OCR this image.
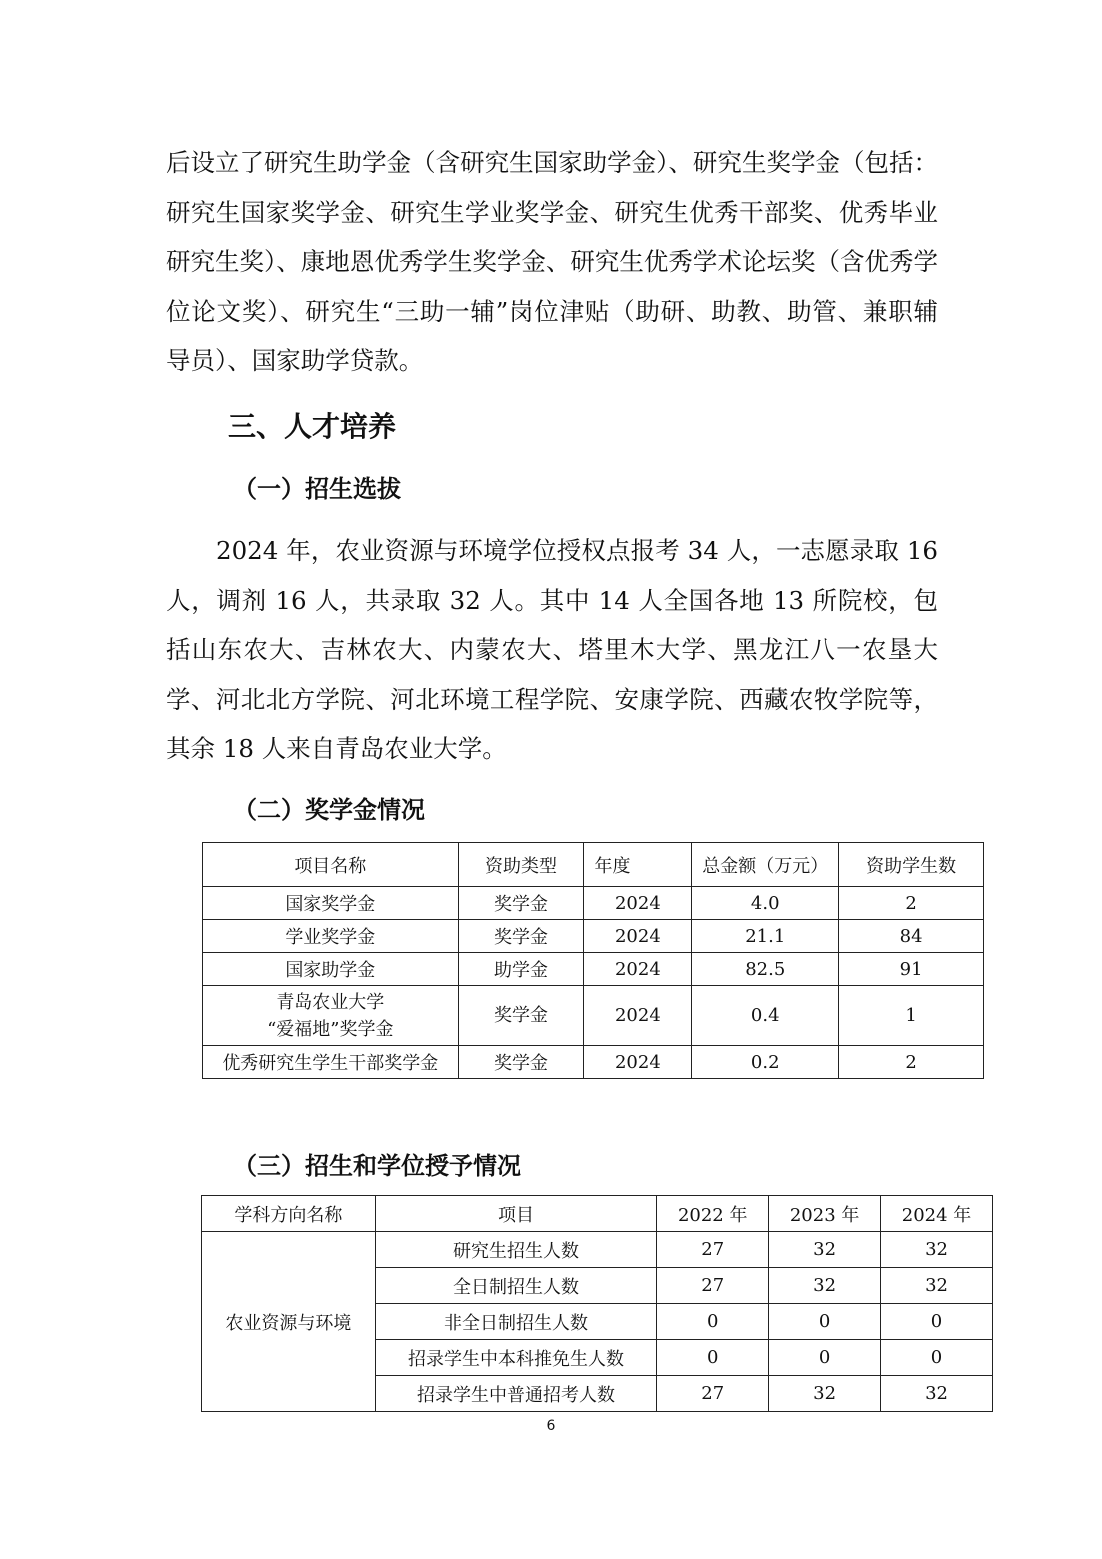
后设立了研究生助学金（含研究生国家助学金）、研究生奖学金（包括：研究生国家奖学金、研究生学业奖学金、研究生优秀干部奖、优秀毕业研究生奖）、康地恩优秀学生奖学金、研究生优秀学术论坛奖（含优秀学位论文奖）、研究生“三助一辅”岗位津贴（助研、助教、助管、兼职辅导员）、国家助学贷款。

三、人才培养
（一）招生选拔

2024 年，农业资源与环境学位授权点报考 34 人，一志愿录取 16 人，调剂 16 人，共录取 32 人。其中 14 人全国各地 13 所院校，包括山东农大、吉林农大、内蒙农大、塔里木大学、黑龙江八一农垦大学、河北北方学院、河北环境工程学院、安康学院、西藏农牧学院等，其余 18 人来自青岛农业大学。

（二）奖学金情况
项目名称	资助类型	年度	总金额（万元）	资助学生数
国家奖学金	奖学金	2024	4.0	2
学业奖学金	奖学金	2024	21.1	84
国家助学金	助学金	2024	82.5	91

青岛农业大学
“爱福地”奖学金	奖学金	2024	0.4	1
优秀研究生学生干部奖学金	奖学金	2024	0.2	2
（三）招生和学位授予情况
学科方向名称	项目	2022 年	2023 年	2024 年
农业资源与环境	研究生招生人数	27	32	32
	全日制招生人数	27	32	32
	非全日制招生人数	0	0	0
	招录学生中本科推免生人数	0	0	0
	招录学生中普通招考人数	27	32	32

6
